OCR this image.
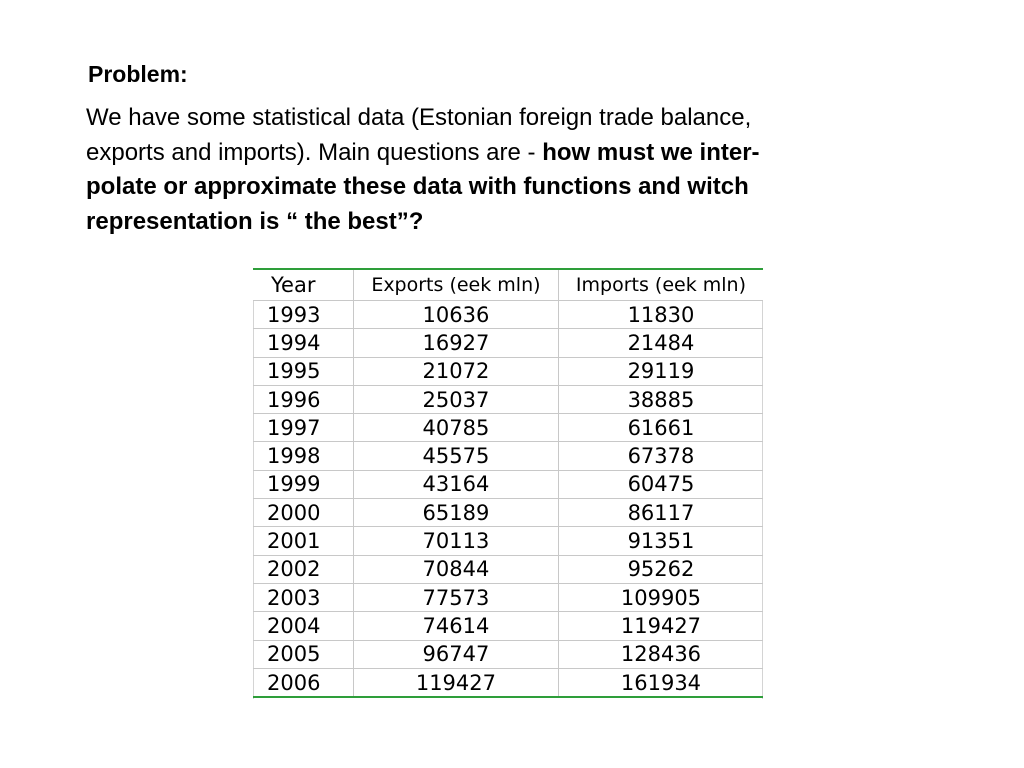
Problem:
We have some statistical data (Estonian foreign trade balance,
exports and imports). Main questions are - how must we inter-
polate or approximate these data with functions and witch
representation is “ the best”?
Year	Exports (eek mln)	Imports (eek mln)
1993	10636	11830
1994	16927	21484
1995	21072	29119
1996	25037	38885
1997	40785	61661
1998	45575	67378
1999	43164	60475
2000	65189	86117
2001	70113	91351
2002	70844	95262
2003	77573	109905
2004	74614	119427
2005	96747	128436
2006	119427	161934
